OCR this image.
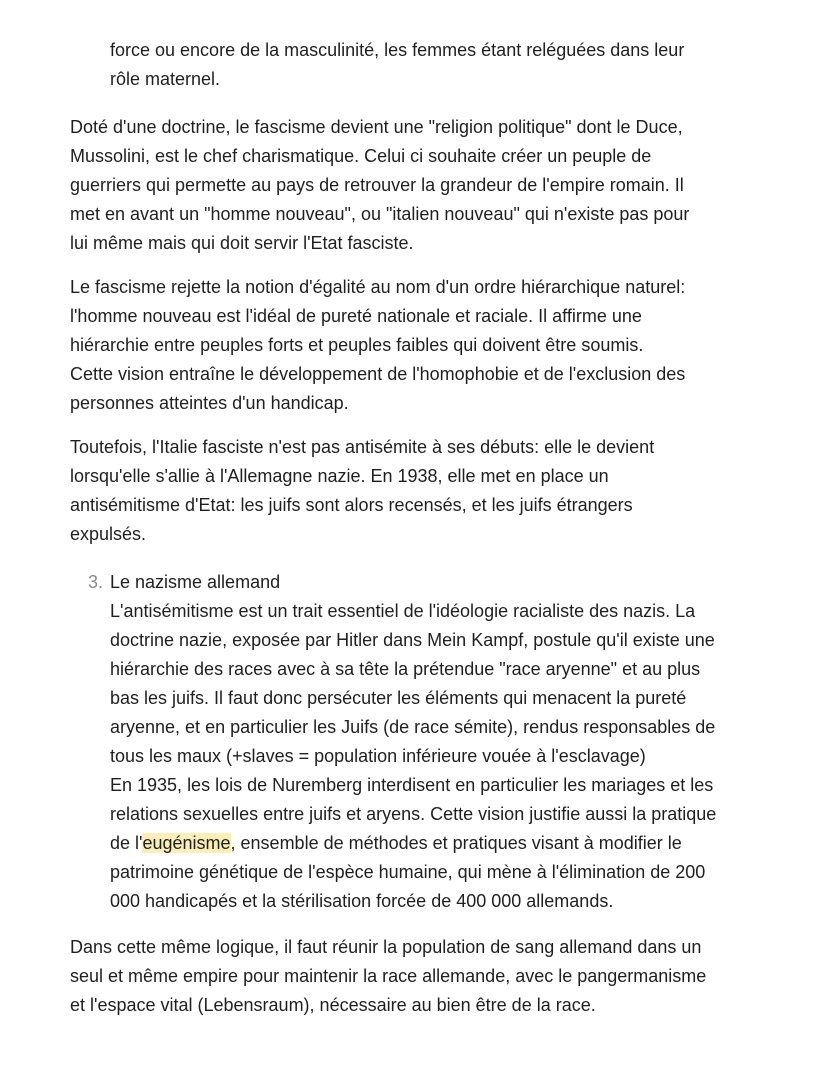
force ou encore de la masculinité, les femmes étant reléguées dans leur
rôle maternel.
Doté d'une doctrine, le fascisme devient une "religion politique" dont le Duce,
Mussolini, est le chef charismatique. Celui ci souhaite créer un peuple de
guerriers qui permette au pays de retrouver la grandeur de l'empire romain. Il
met en avant un "homme nouveau", ou "italien nouveau" qui n'existe pas pour
lui même mais qui doit servir l'Etat fasciste.
Le fascisme rejette la notion d'égalité au nom d'un ordre hiérarchique naturel:
l'homme nouveau est l'idéal de pureté nationale et raciale. Il affirme une
hiérarchie entre peuples forts et peuples faibles qui doivent être soumis.
Cette vision entraîne le développement de l'homophobie et de l'exclusion des
personnes atteintes d'un handicap.
Toutefois, l'Italie fasciste n'est pas antisémite à ses débuts: elle le devient
lorsqu'elle s'allie à l'Allemagne nazie. En 1938, elle met en place un
antisémitisme d'Etat: les juifs sont alors recensés, et les juifs étrangers
expulsés.
3. Le nazisme allemand
L'antisémitisme est un trait essentiel de l'idéologie racialiste des nazis. La
doctrine nazie, exposée par Hitler dans Mein Kampf, postule qu'il existe une
hiérarchie des races avec à sa tête la prétendue "race aryenne" et au plus
bas les juifs. Il faut donc persécuter les éléments qui menacent la pureté
aryenne, et en particulier les Juifs (de race sémite), rendus responsables de
tous les maux (+slaves = population inférieure vouée à l'esclavage)
En 1935, les lois de Nuremberg interdisent en particulier les mariages et les
relations sexuelles entre juifs et aryens. Cette vision justifie aussi la pratique
de l'eugénisme, ensemble de méthodes et pratiques visant à modifier le
patrimoine génétique de l'espèce humaine, qui mène à l'élimination de 200
000 handicapés et la stérilisation forcée de 400 000 allemands.
Dans cette même logique, il faut réunir la population de sang allemand dans un
seul et même empire pour maintenir la race allemande, avec le pangermanisme
et l'espace vital (Lebensraum), nécessaire au bien être de la race.
